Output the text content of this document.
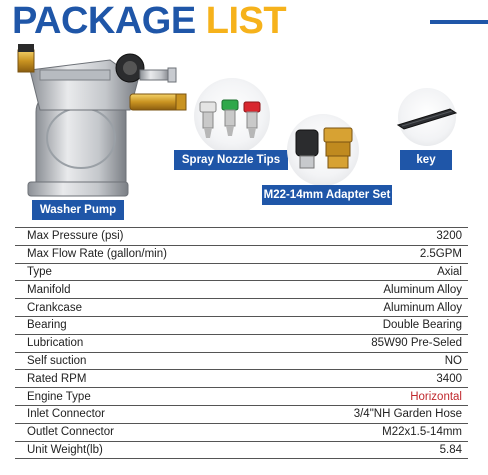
PACKAGE LIST
Washer Pump
Spray Nozzle Tips
M22-14mm Adapter Set
key
Max Pressure (psi)	3200
Max Flow Rate (gallon/min)	2.5GPM
Type	Axial
Manifold	Aluminum Alloy
Crankcase	Aluminum Alloy
Bearing	Double Bearing
Lubrication	85W90 Pre-Seled
Self suction	NO
Rated RPM	3400
Engine Type	Horizontal
Inlet Connector	3/4"NH Garden Hose
Outlet Connector	M22x1.5-14mm
Unit Weight(lb)	5.84
